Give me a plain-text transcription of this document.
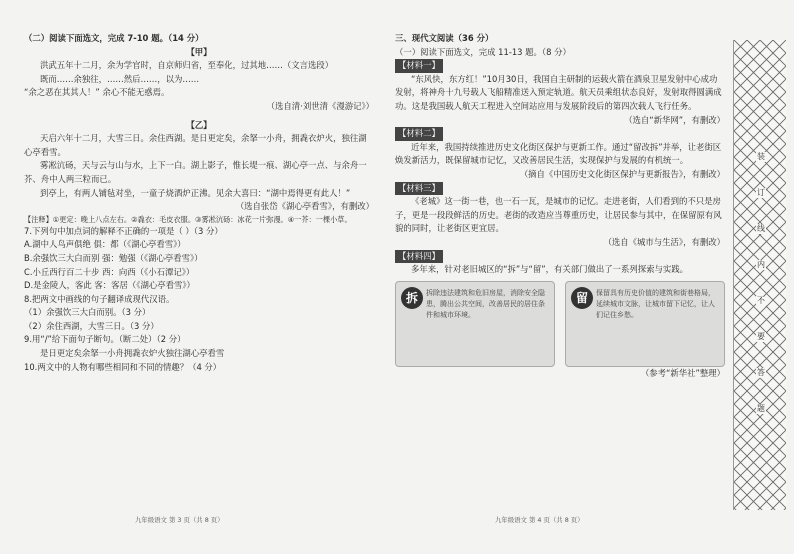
（二）阅读下面选文，完成 7-10 题。（14 分）

【甲】

洪武五年十二月，余为学官时，自京师归省，至奉化，过其地……（文言选段）

既而……余独往，……然后……，以为……

“余之恶在其其人！” 余心不能无惑焉。

（选自清·刘世清《漫游记》）

【乙】

天启六年十二月，大雪三日。余住西湖。是日更定矣，余拏一小舟，拥毳衣炉火，独往湖心亭看雪。

雾凇沆砀，天与云与山与水，上下一白。湖上影子，惟长堤一痕、湖心亭一点、与余舟一芥、舟中人两三粒而已。

到亭上，有两人铺毡对坐，一童子烧酒炉正沸。见余大喜曰：“湖中焉得更有此人！”

（选自张岱《湖心亭看雪》，有删改）

【注释】①更定：晚上八点左右。②毳衣：毛皮衣服。③雾凇沆砀：冰花一片弥漫。④一芥：一棵小草。

7.下列句中加点词的解释不正确的一项是（ ）（3 分）

A.湖中人鸟声俱绝 俱：都（《湖心亭看雪》）

B.余强饮三大白而别 强：勉强（《湖心亭看雪》）

C.小丘西行百二十步 西：向西（《小石潭记》）

D.是金陵人，客此 客：客居（《湖心亭看雪》）

8.把两文中画线的句子翻译成现代汉语。

（1）余强饮三大白而别。（3 分）

（2）余住西湖，大雪三日。（3 分）

9.用“/”给下面句子断句。（断二处）（2 分）

是日更定矣余拏一小舟拥毳衣炉火独往湖心亭看雪

10.两文中的人物有哪些相同和不同的情趣？（4 分）

九年级语文 第 3 页（共 8 页）

三、现代文阅读（36 分）

（一）阅读下面选文，完成 11-13 题。（8 分）

【材料一】

“东风快，东方红！”10月30日，我国自主研制的运载火箭在酒泉卫星发射中心成功发射，将神舟十九号载人飞船精准送入预定轨道。航天员乘组状态良好，发射取得圆满成功。这是我国载人航天工程进入空间站应用与发展阶段后的第四次载人飞行任务。

（选自“新华网”，有删改）

【材料二】

近年来，我国持续推进历史文化街区保护与更新工作。通过“留改拆”并举，让老街区焕发新活力，既保留城市记忆，又改善居民生活，实现保护与发展的有机统一。

（摘自《中国历史文化街区保护与更新报告》，有删改）

【材料三】

《老城》这一街一巷，也一石一瓦，是城市的记忆。走进老街，人们看到的不只是房子，更是一段段鲜活的历史。老街的改造应当尊重历史，让居民参与其中，在保留原有风貌的同时，让老街区更宜居。

（选自《城市与生活》，有删改）

【材料四】

多年来，针对老旧城区的“拆”与“留”，有关部门做出了一系列探索与实践。

拆	拆除违法建筑和危旧房屋，消除安全隐患，腾出公共空间，改善居民的居住条件和城市环境。
留	保留具有历史价值的建筑和街巷格局，延续城市文脉，让城市留下记忆，让人们记住乡愁。

（参考“新华社”整理）

九年级语文 第 4 页（共 8 页）
装
订
线
内
不
要
答
题
